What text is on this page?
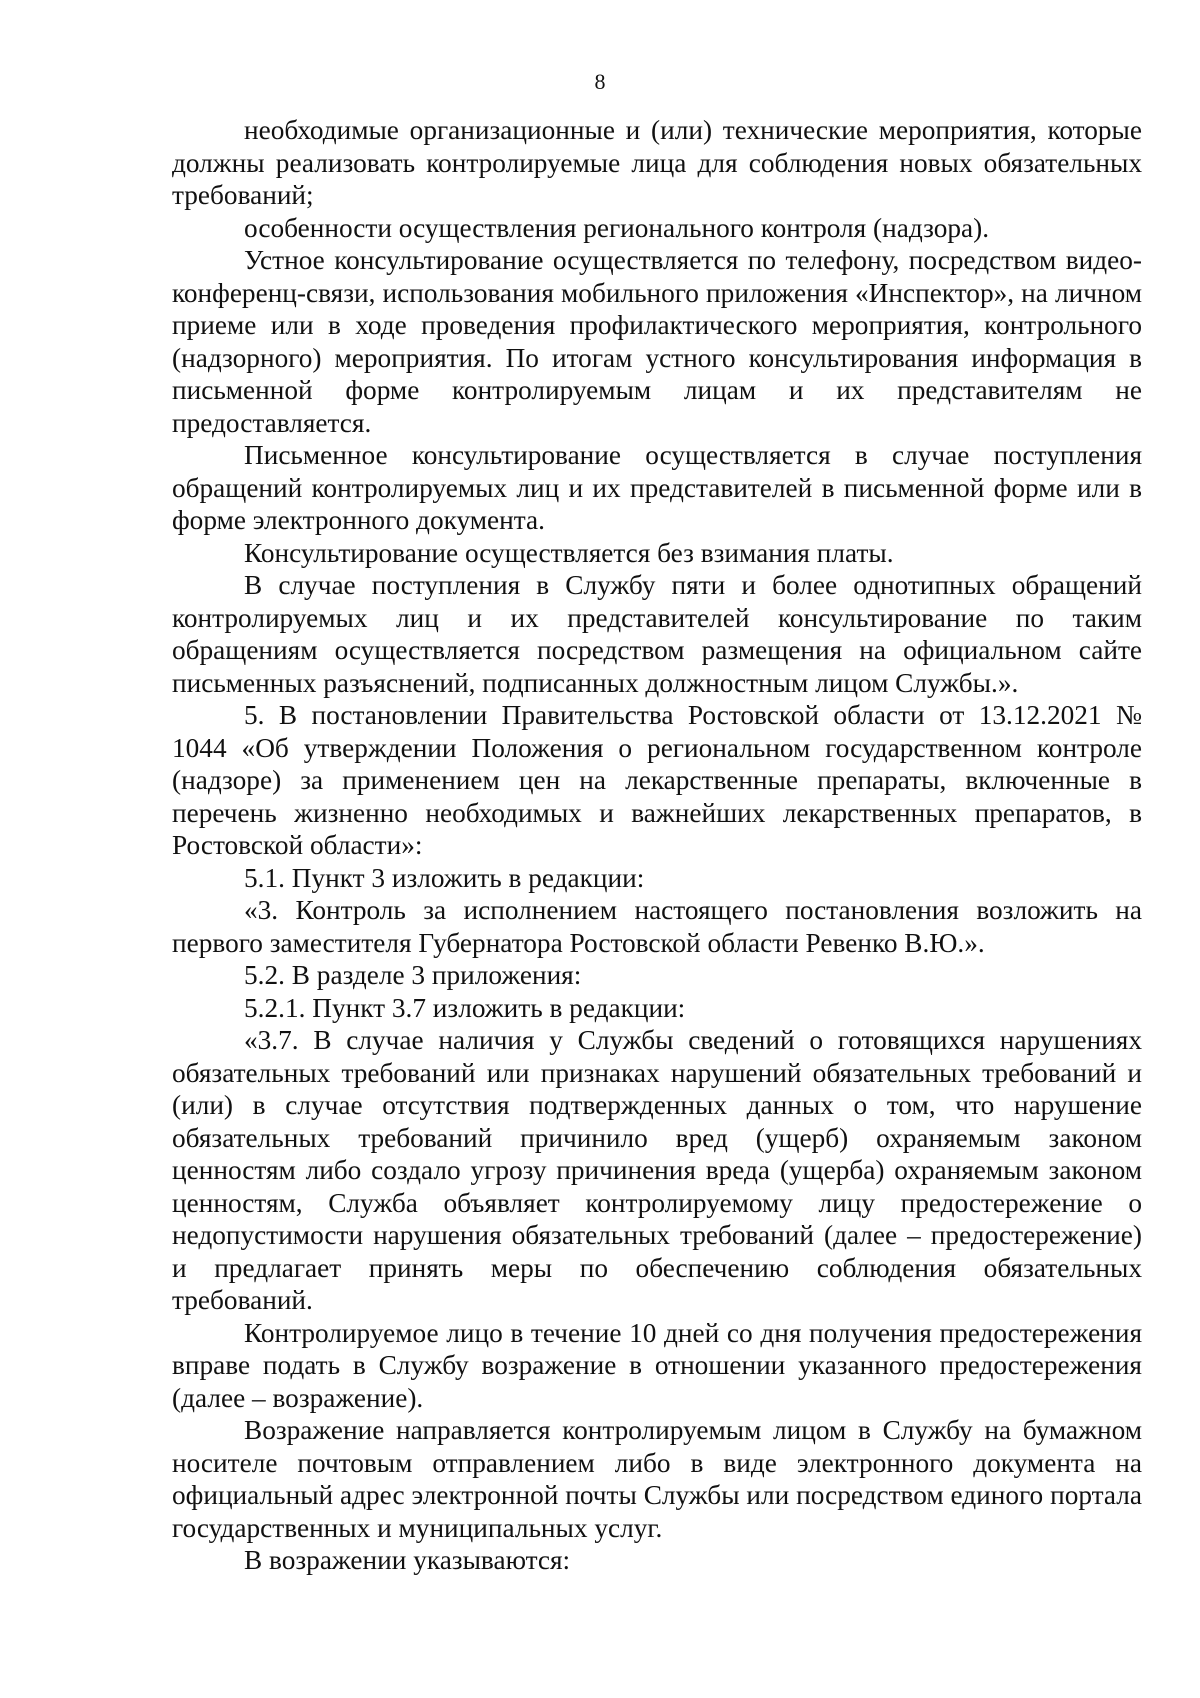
8

необходимые организационные и (или) технические мероприятия, которые должны реализовать контролируемые лица для соблюдения новых обязательных требований;

особенности осуществления регионального контроля (надзора).

Устное консультирование осуществляется по телефону, посредством видео-конференц-связи, использования мобильного приложения «Инспектор», на личном приеме или в ходе проведения профилактического мероприятия, контрольного (надзорного) мероприятия. По итогам устного консультирования информация в письменной форме контролируемым лицам и их представителям не предоставляется.

Письменное консультирование осуществляется в случае поступления обращений контролируемых лиц и их представителей в письменной форме или в форме электронного документа.

Консультирование осуществляется без взимания платы.

В случае поступления в Службу пяти и более однотипных обращений контролируемых лиц и их представителей консультирование по таким обращениям осуществляется посредством размещения на официальном сайте письменных разъяснений, подписанных должностным лицом Службы.».

5. В постановлении Правительства Ростовской области от 13.12.2021 № 1044 «Об утверждении Положения о региональном государственном контроле (надзоре) за применением цен на лекарственные препараты, включенные в перечень жизненно необходимых и важнейших лекарственных препаратов, в Ростовской области»:

5.1. Пункт 3 изложить в редакции:

«3. Контроль за исполнением настоящего постановления возложить на первого заместителя Губернатора Ростовской области Ревенко В.Ю.».

5.2. В разделе 3 приложения:

5.2.1. Пункт 3.7 изложить в редакции:

«3.7. В случае наличия у Службы сведений о готовящихся нарушениях обязательных требований или признаках нарушений обязательных требований и (или) в случае отсутствия подтвержденных данных о том, что нарушение обязательных требований причинило вред (ущерб) охраняемым законом ценностям либо создало угрозу причинения вреда (ущерба) охраняемым законом ценностям, Служба объявляет контролируемому лицу предостережение о недопустимости нарушения обязательных требований (далее – предостережение) и предлагает принять меры по обеспечению соблюдения обязательных требований.

Контролируемое лицо в течение 10 дней со дня получения предостережения вправе подать в Службу возражение в отношении указанного предостережения (далее – возражение).

Возражение направляется контролируемым лицом в Службу на бумажном носителе почтовым отправлением либо в виде электронного документа на официальный адрес электронной почты Службы или посредством единого портала государственных и муниципальных услуг.

В возражении указываются:
